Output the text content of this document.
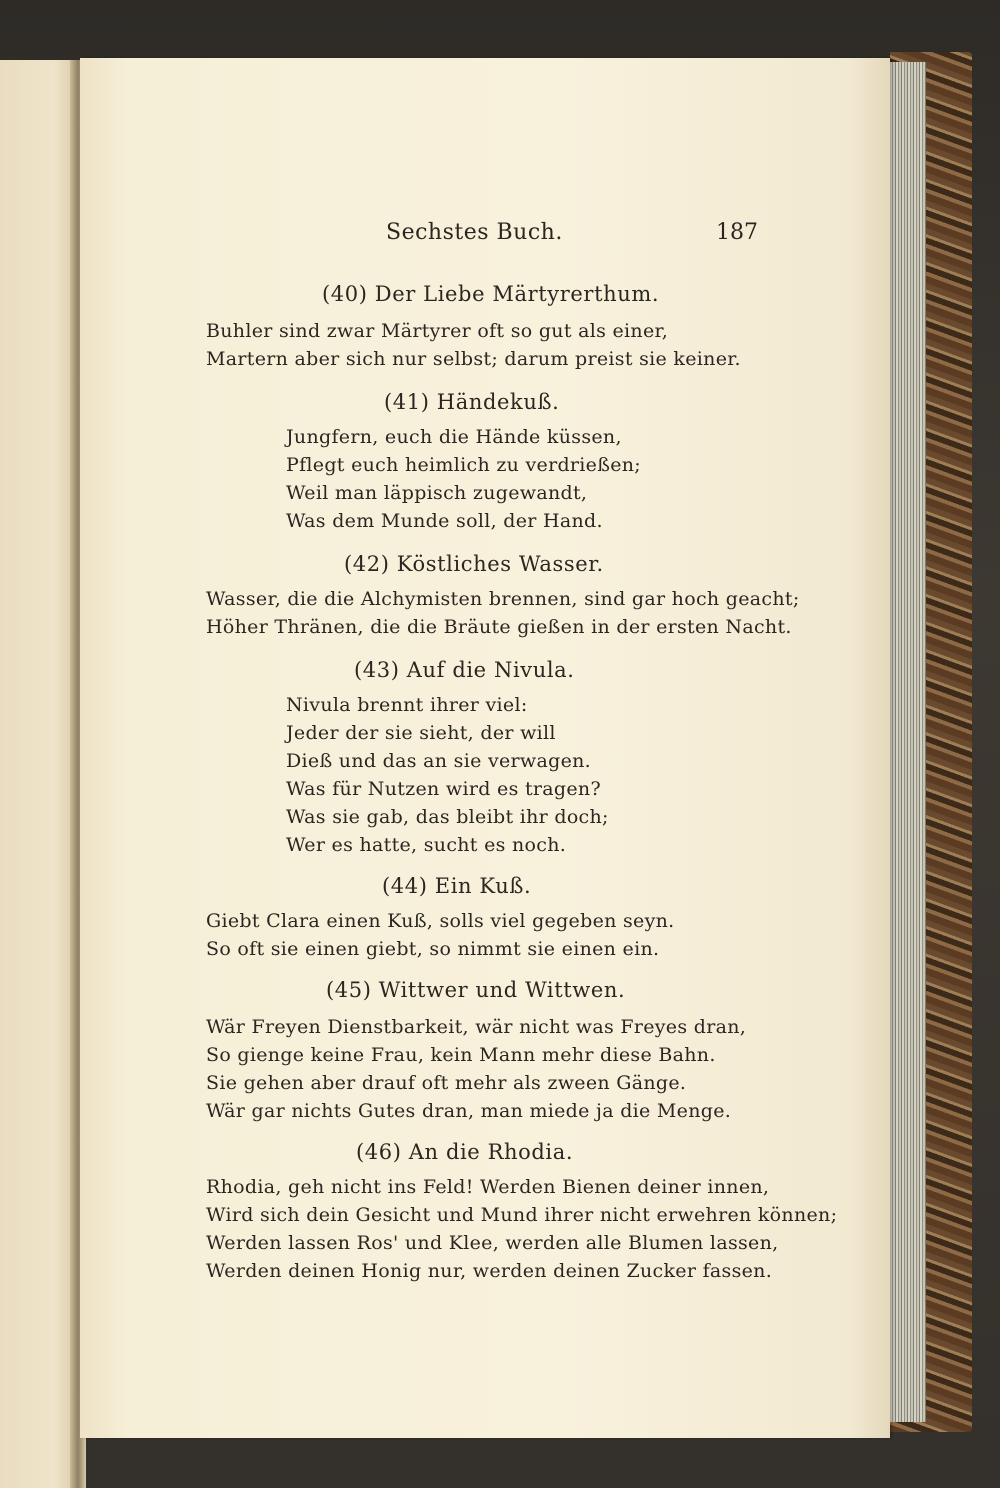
Sechstes Buch.	187
(40) Der Liebe Märtyrerthum.
Buhler sind zwar Märtyrer oft so gut als einer,
Martern aber sich nur selbst; darum preist sie keiner.
(41) Händekuß.
Jungfern, euch die Hände küssen,
Pflegt euch heimlich zu verdrießen;
Weil man läppisch zugewandt,
Was dem Munde soll, der Hand.
(42) Köstliches Wasser.
Wasser, die die Alchymisten brennen, sind gar hoch geacht;
Höher Thränen, die die Bräute gießen in der ersten Nacht.
(43) Auf die Nivula.
Nivula brennt ihrer viel:
Jeder der sie sieht, der will
Dieß und das an sie verwagen.
Was für Nutzen wird es tragen?
Was sie gab, das bleibt ihr doch;
Wer es hatte, sucht es noch.
(44) Ein Kuß.
Giebt Clara einen Kuß, solls viel gegeben seyn.
So oft sie einen giebt, so nimmt sie einen ein.
(45) Wittwer und Wittwen.
Wär Freyen Dienstbarkeit, wär nicht was Freyes dran,
So gienge keine Frau, kein Mann mehr diese Bahn.
Sie gehen aber drauf oft mehr als zween Gänge.
Wär gar nichts Gutes dran, man miede ja die Menge.
(46) An die Rhodia.
Rhodia, geh nicht ins Feld! Werden Bienen deiner innen,
Wird sich dein Gesicht und Mund ihrer nicht erwehren können;
Werden lassen Ros' und Klee, werden alle Blumen lassen,
Werden deinen Honig nur, werden deinen Zucker fassen.
